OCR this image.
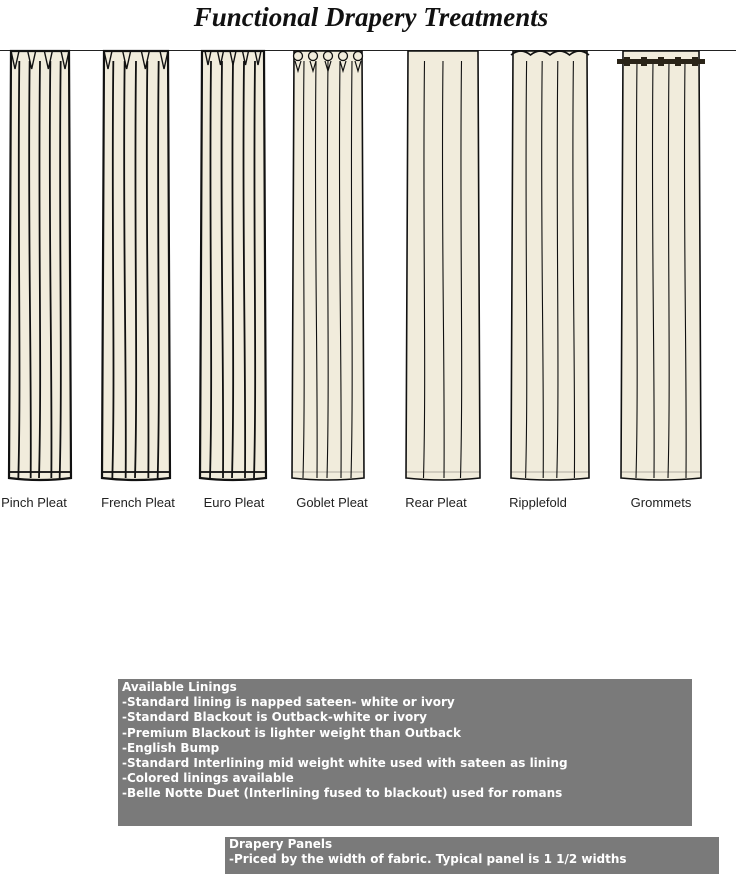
Functional Drapery Treatments
Pinch Pleat	French Pleat	Euro Pleat	Goblet Pleat	Rear Pleat	Ripplefold	Grommets
Available Linings
-Standard lining is napped sateen- white or ivory
-Standard Blackout is Outback-white or ivory
-Premium Blackout is lighter weight than Outback
-English Bump
-Standard Interlining mid weight white used with sateen as lining
-Colored linings available
-Belle Notte Duet (Interlining fused to blackout) used for romans
Drapery Panels
-Priced by the width of fabric. Typical panel is 1 1/2 widths
